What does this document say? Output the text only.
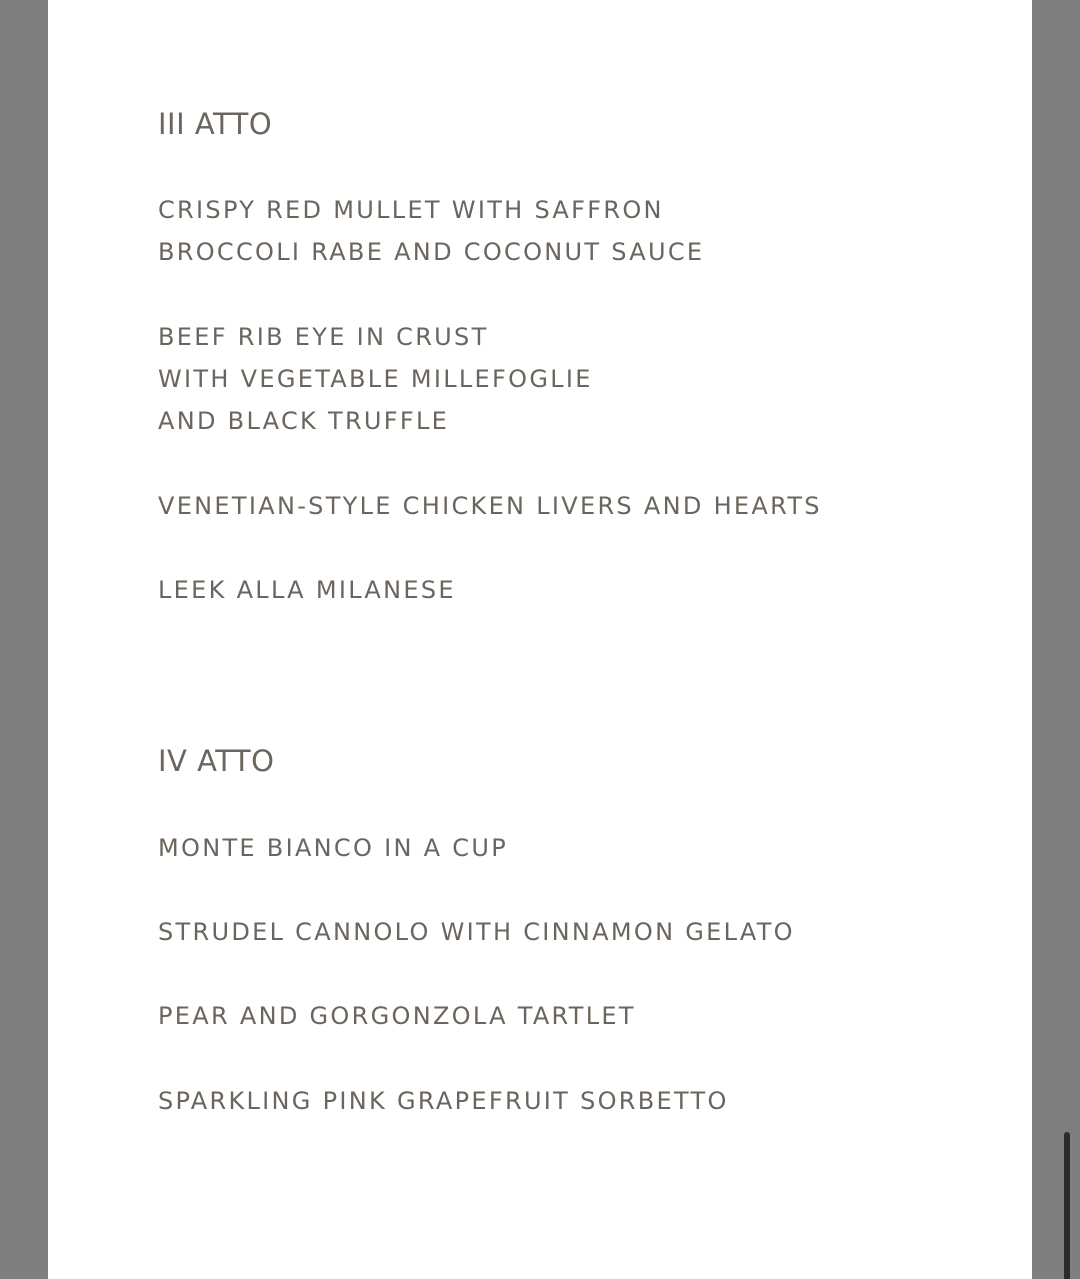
III ATTO

CRISPY RED MULLET WITH SAFFRON

BROCCOLI RABE AND COCONUT SAUCE

BEEF RIB EYE IN CRUST

WITH VEGETABLE MILLEFOGLIE

AND BLACK TRUFFLE

VENETIAN-STYLE CHICKEN LIVERS AND HEARTS

LEEK ALLA MILANESE

IV ATTO

MONTE BIANCO IN A CUP

STRUDEL CANNOLO WITH CINNAMON GELATO

PEAR AND GORGONZOLA TARTLET

SPARKLING PINK GRAPEFRUIT SORBETTO
